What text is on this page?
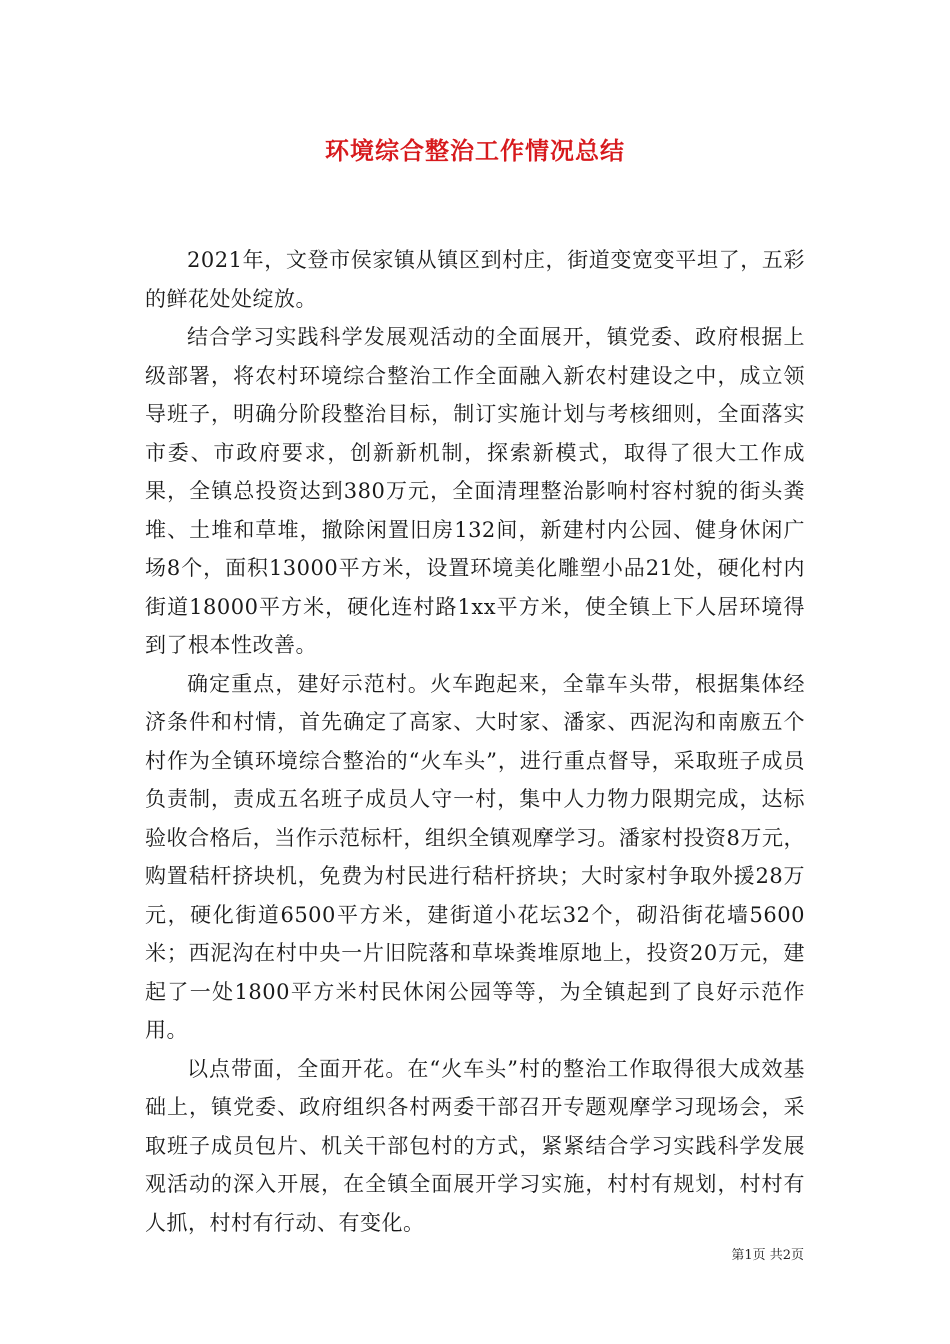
环境综合整治工作情况总结

2021年，文登市侯家镇从镇区到村庄，街道变宽变平坦了，五彩的鲜花处处绽放。

结合学习实践科学发展观活动的全面展开，镇党委、政府根据上级部署，将农村环境综合整治工作全面融入新农村建设之中，成立领导班子，明确分阶段整治目标，制订实施计划与考核细则，全面落实市委、市政府要求，创新新机制，探索新模式，取得了很大工作成果，全镇总投资达到380万元，全面清理整治影响村容村貌的街头粪堆、土堆和草堆，撤除闲置旧房132间，新建村内公园、健身休闲广场8个，面积13000平方米，设置环境美化雕塑小品21处，硬化村内街道18000平方米，硬化连村路1xx平方米，使全镇上下人居环境得到了根本性改善。

确定重点，建好示范村。火车跑起来，全靠车头带，根据集体经济条件和村情，首先确定了高家、大时家、潘家、西泥沟和南廒五个村作为全镇环境综合整治的“火车头”，进行重点督导，采取班子成员负责制，责成五名班子成员人守一村，集中人力物力限期完成，达标验收合格后，当作示范标杆，组织全镇观摩学习。潘家村投资8万元，购置秸杆挤块机，免费为村民进行秸杆挤块；大时家村争取外援28万元，硬化街道6500平方米，建街道小花坛32个，砌沿街花墙5600米；西泥沟在村中央一片旧院落和草垛粪堆原地上，投资20万元，建起了一处1800平方米村民休闲公园等等，为全镇起到了良好示范作用。

以点带面，全面开花。在“火车头”村的整治工作取得很大成效基础上，镇党委、政府组织各村两委干部召开专题观摩学习现场会，采取班子成员包片、机关干部包村的方式，紧紧结合学习实践科学发展观活动的深入开展，在全镇全面展开学习实施，村村有规划，村村有人抓，村村有行动、有变化。

第1页 共2页
